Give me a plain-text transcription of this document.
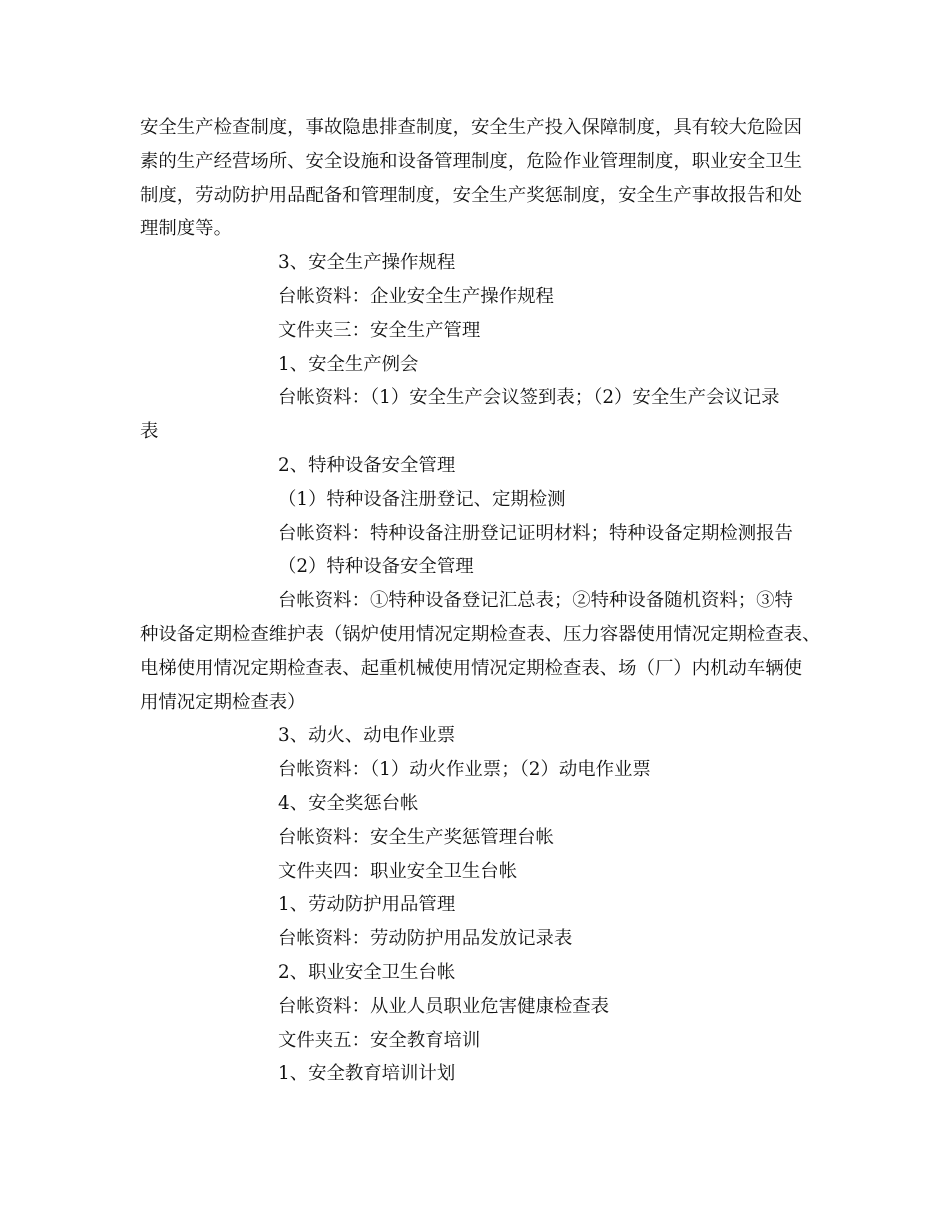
安全生产检查制度，事故隐患排查制度，安全生产投入保障制度，具有较大危险因
素的生产经营场所、安全设施和设备管理制度，危险作业管理制度，职业安全卫生
制度，劳动防护用品配备和管理制度，安全生产奖惩制度，安全生产事故报告和处
理制度等。
3、安全生产操作规程
台帐资料：企业安全生产操作规程
文件夹三：安全生产管理
1、安全生产例会
台帐资料：（1）安全生产会议签到表；（2）安全生产会议记录
表
2、特种设备安全管理
（1）特种设备注册登记、定期检测
台帐资料：特种设备注册登记证明材料；特种设备定期检测报告
（2）特种设备安全管理
台帐资料：①特种设备登记汇总表；②特种设备随机资料；③特
种设备定期检查维护表（锅炉使用情况定期检查表、压力容器使用情况定期检查表、
电梯使用情况定期检查表、起重机械使用情况定期检查表、场（厂）内机动车辆使
用情况定期检查表）
3、动火、动电作业票
台帐资料：（1）动火作业票；（2）动电作业票
4、安全奖惩台帐
台帐资料：安全生产奖惩管理台帐
文件夹四：职业安全卫生台帐
1、劳动防护用品管理
台帐资料：劳动防护用品发放记录表
2、职业安全卫生台帐
台帐资料：从业人员职业危害健康检查表
文件夹五：安全教育培训
1、安全教育培训计划
